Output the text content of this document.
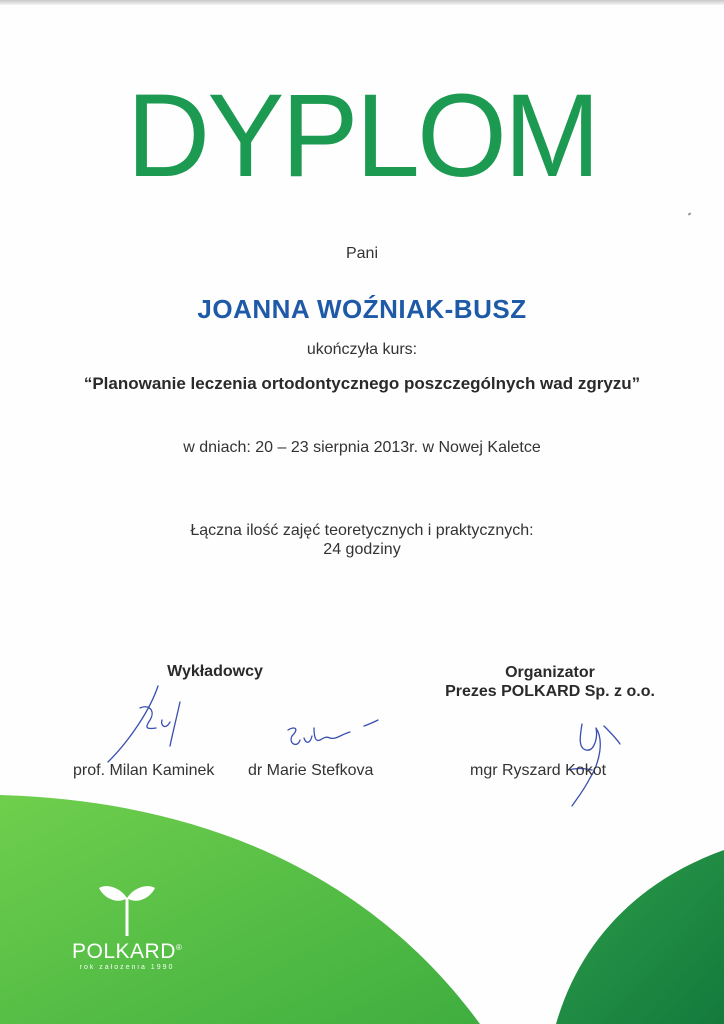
DYPLOM
Pani
JOANNA WOŹNIAK-BUSZ
ukończyła kurs:
“Planowanie leczenia ortodontycznego poszczególnych wad zgryzu”
w dniach: 20 – 23 sierpnia 2013r. w Nowej Kaletce
Łączna ilość zajęć teoretycznych i praktycznych:
24 godziny
Wykładowcy	Organizator
Prezes POLKARD Sp. z o.o.
prof. Milan Kaminek dr Marie Stefkova	mgr Ryszard Kokot
POLKARD®
rok założenia 1990
